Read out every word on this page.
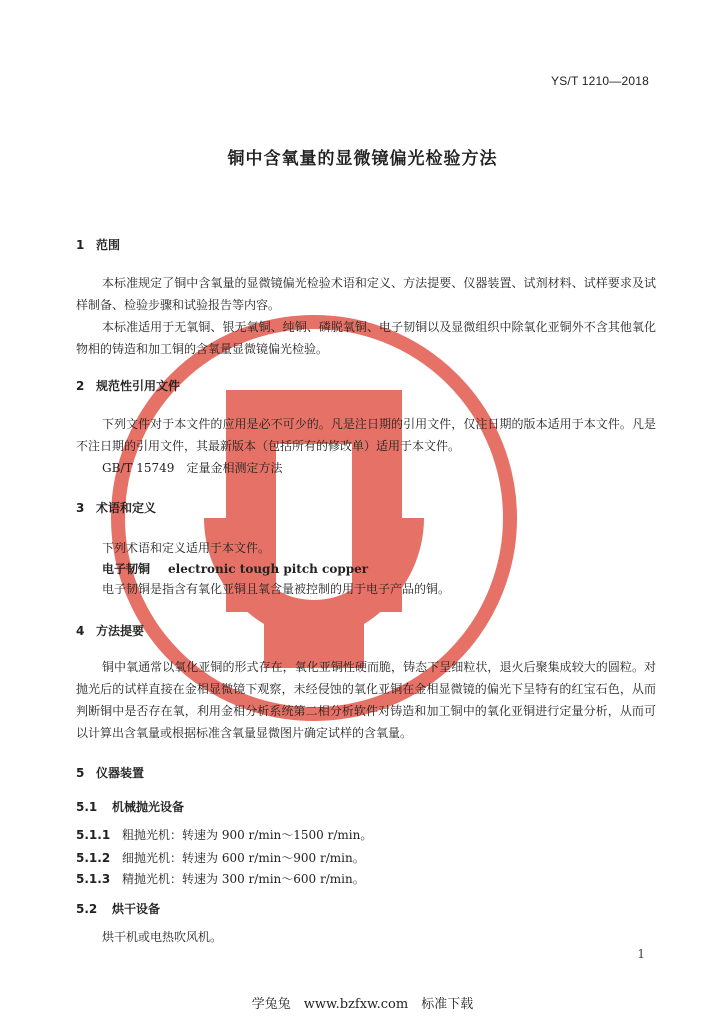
YS/T 1210—2018
铜中含氧量的显微镜偏光检验方法
1 范围
本标准规定了铜中含氧量的显微镜偏光检验术语和定义、方法提要、仪器装置、试剂材料、试样要求及试样制备、检验步骤和试验报告等内容。
本标准适用于无氧铜、银无氧铜、纯铜、磷脱氧铜、电子韧铜以及显微组织中除氧化亚铜外不含其他氧化物相的铸造和加工铜的含氧量显微镜偏光检验。
2 规范性引用文件
下列文件对于本文件的应用是必不可少的。凡是注日期的引用文件，仅注日期的版本适用于本文件。凡是不注日期的引用文件，其最新版本（包括所有的修改单）适用于本文件。
GB/T 15749　定量金相测定方法
3 术语和定义
下列术语和定义适用于本文件。
电子韧铜 electronic tough pitch copper
电子韧铜是指含有氧化亚铜且氧含量被控制的用于电子产品的铜。
4 方法提要
铜中氧通常以氧化亚铜的形式存在，氧化亚铜性硬而脆，铸态下呈细粒状，退火后聚集成较大的圆粒。对抛光后的试样直接在金相显微镜下观察，未经侵蚀的氧化亚铜在金相显微镜的偏光下呈特有的红宝石色，从而判断铜中是否存在氧，利用金相分析系统第二相分析软件对铸造和加工铜中的氧化亚铜进行定量分析，从而可以计算出含氧量或根据标准含氧量显微图片确定试样的含氧量。
5 仪器装置
5.1 机械抛光设备
5.1.1 粗抛光机：转速为 900 r/min～1500 r/min。
5.1.2 细抛光机：转速为 600 r/min～900 r/min。
5.1.3 精抛光机：转速为 300 r/min～600 r/min。
5.2 烘干设备
烘干机或电热吹风机。
1
学兔兔　www.bzfxw.com　标准下载
